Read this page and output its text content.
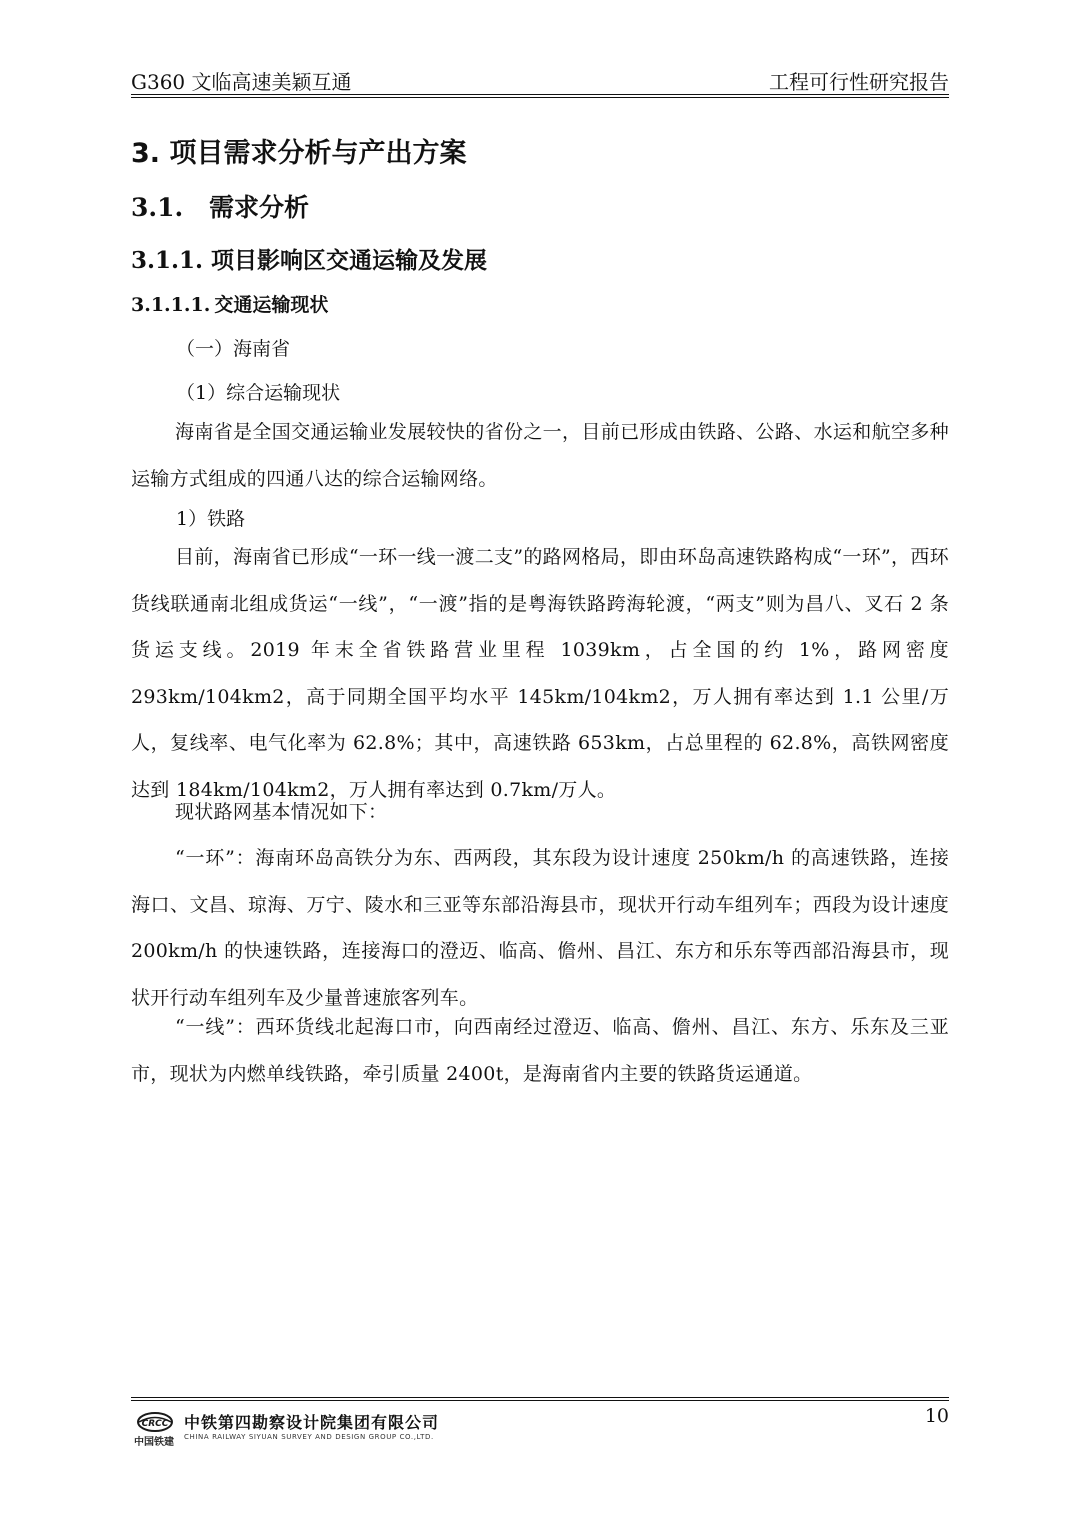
G360 文临高速美颖互通	工程可行性研究报告
3. 项目需求分析与产出方案
3.1. 需求分析
3.1.1. 项目影响区交通运输及发展
3.1.1.1. 交通运输现状
（一）海南省
（1）综合运输现状
海南省是全国交通运输业发展较快的省份之一，目前已形成由铁路、公路、水运和航空多种运输方式组成的四通八达的综合运输网络。
1）铁路
目前，海南省已形成“一环一线一渡二支”的路网格局，即由环岛高速铁路构成“一环”，西环货线联通南北组成货运“一线”，“一渡”指的是粤海铁路跨海轮渡，“两支”则为昌八、叉石 2 条货运支线。2019 年末全省铁路营业里程 1039km，占全国的约 1%，路网密度 293km/104km2，高于同期全国平均水平 145km/104km2，万人拥有率达到 1.1 公里/万人，复线率、电气化率为 62.8%；其中，高速铁路 653km，占总里程的 62.8%，高铁网密度达到 184km/104km2，万人拥有率达到 0.7km/万人。
现状路网基本情况如下：
“一环”：海南环岛高铁分为东、西两段，其东段为设计速度 250km/h 的高速铁路，连接海口、文昌、琼海、万宁、陵水和三亚等东部沿海县市，现状开行动车组列车；西段为设计速度 200km/h 的快速铁路，连接海口的澄迈、临高、儋州、昌江、东方和乐东等西部沿海县市，现状开行动车组列车及少量普速旅客列车。
“一线”：西环货线北起海口市，向西南经过澄迈、临高、儋州、昌江、东方、乐东及三亚市，现状为内燃单线铁路，牵引质量 2400t，是海南省内主要的铁路货运通道。
CRCC
中国铁建
中铁第四勘察设计院集团有限公司
CHINA RAILWAY SIYUAN SURVEY AND DESIGN GROUP CO.,LTD.
10
